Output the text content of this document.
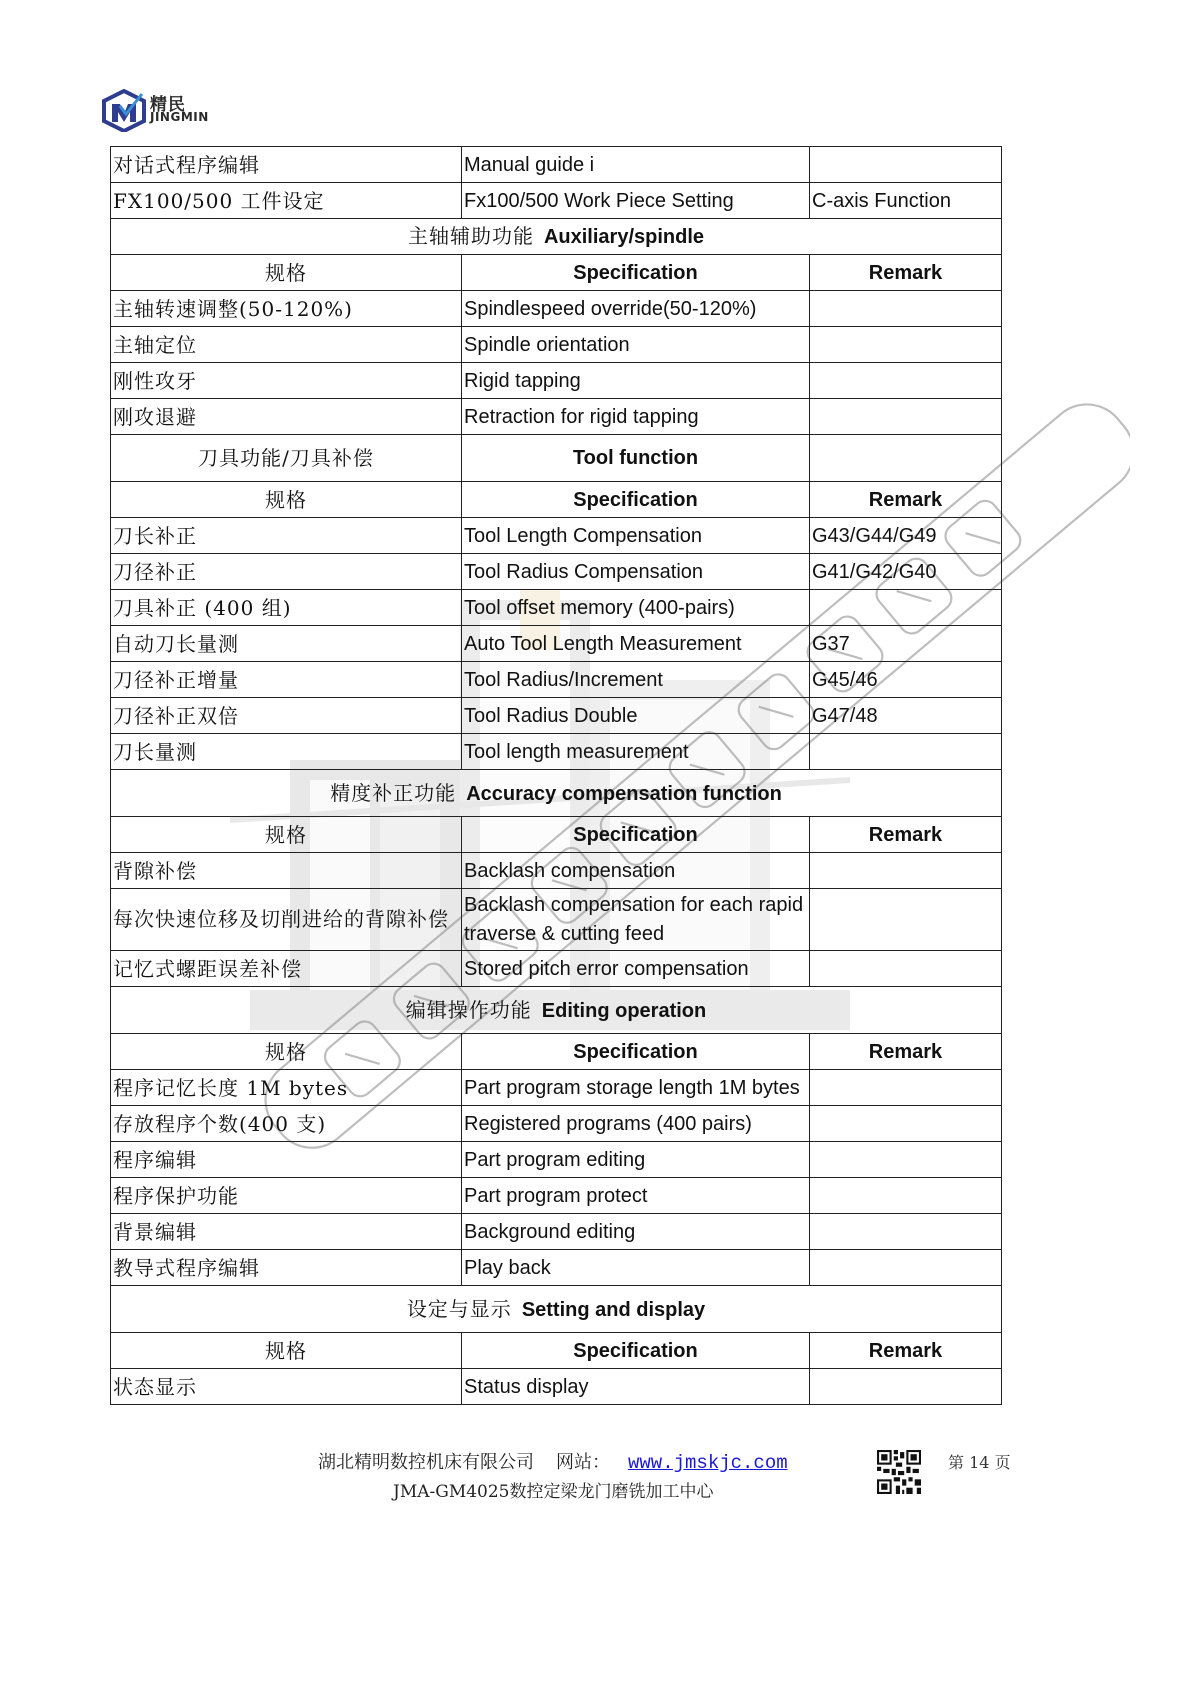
精民
JINGMIN
对话式程序编辑	Manual guide i	
FX100/500 工件设定	Fx100/500 Work Piece Setting	C-axis Function
主轴辅助功能 Auxiliary/spindle		
规格	Specification	Remark
主轴转速调整(50-120%)	Spindlespeed override(50-120%)	
主轴定位	Spindle orientation	
刚性攻牙	Rigid tapping	
刚攻退避	Retraction for rigid tapping	
刀具功能/刀具补偿	Tool function	
规格	Specification	Remark
刀长补正	Tool Length Compensation	G43/G44/G49
刀径补正	Tool Radius Compensation	G41/G42/G40
刀具补正 (400 组)	Tool offset memory (400-pairs)	
自动刀长量测	Auto Tool Length Measurement	G37
刀径补正增量	Tool Radius/Increment	G45/46
刀径补正双倍	Tool Radius Double	G47/48
刀长量测	Tool length measurement	
精度补正功能 Accuracy compensation function		
规格	Specification	Remark
背隙补偿	Backlash compensation	
每次快速位移及切削进给的背隙补偿	Backlash compensation for each rapid traverse & cutting feed	
记忆式螺距误差补偿	Stored pitch error compensation	
编辑操作功能 Editing operation		
规格	Specification	Remark
程序记忆长度 1M bytes	Part program storage length 1M bytes	
存放程序个数(400 支)	Registered programs (400 pairs)	
程序编辑	Part program editing	
程序保护功能	Part program protect	
背景编辑	Background editing	
教导式程序编辑	Play back	
设定与显示 Setting and display		
规格	Specification	Remark
状态显示	Status display	
湖北精明数控机床有限公司 网站： www.jmskjc.com
JMA-GM4025数控定梁龙门磨铣加工中心
第 14 页
